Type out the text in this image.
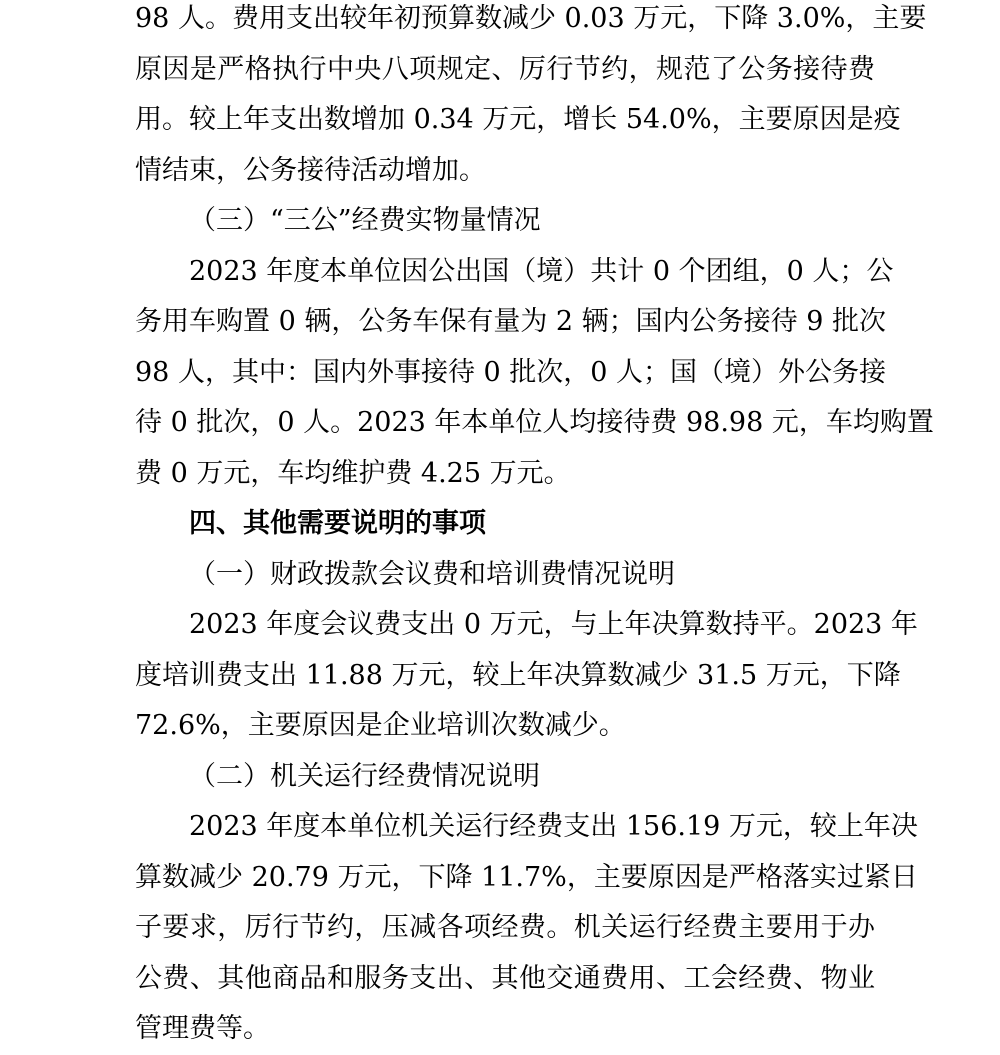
98 人。费用支出较年初预算数减少 0.03 万元，下降 3.0%，主要
原因是严格执行中央八项规定、厉行节约，规范了公务接待费
用。较上年支出数增加 0.34 万元，增长 54.0%，主要原因是疫
情结束，公务接待活动增加。
（三）“三公”经费实物量情况
2023 年度本单位因公出国（境）共计 0 个团组，0 人；公
务用车购置 0 辆，公务车保有量为 2 辆；国内公务接待 9 批次
98 人，其中：国内外事接待 0 批次，0 人；国（境）外公务接
待 0 批次，0 人。2023 年本单位人均接待费 98.98 元，车均购置
费 0 万元，车均维护费 4.25 万元。
四、其他需要说明的事项
（一）财政拨款会议费和培训费情况说明
2023 年度会议费支出 0 万元，与上年决算数持平。2023 年
度培训费支出 11.88 万元，较上年决算数减少 31.5 万元，下降
72.6%，主要原因是企业培训次数减少。
（二）机关运行经费情况说明
2023 年度本单位机关运行经费支出 156.19 万元，较上年决
算数减少 20.79 万元，下降 11.7%，主要原因是严格落实过紧日
子要求，厉行节约，压减各项经费。机关运行经费主要用于办
公费、其他商品和服务支出、其他交通费用、工会经费、物业
管理费等。
